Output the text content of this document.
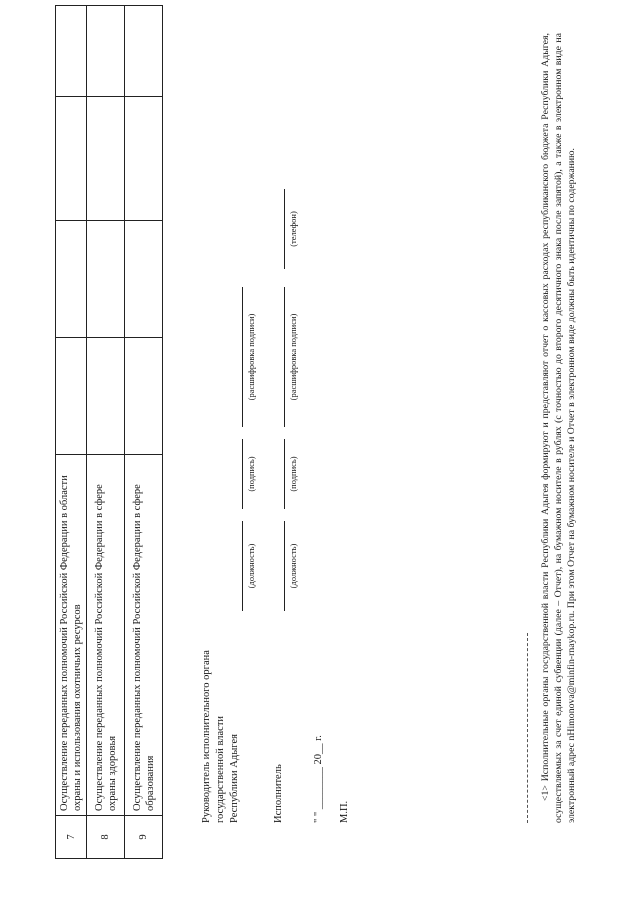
7	Осуществление переданных полномочий Российской Федерации в области охраны и использования охотничьих ресурсов				
8	Осуществление переданных полномочий Российской Федерации в сфере охраны здоровья				
9	Осуществление переданных полномочий Российской Федерации в сфере образования					Руководитель исполнительного органа государственной власти Республики Адыгея
(должность)
(подпись)
(расшифровка подписи)
Исполнитель
(должность)
(подпись)
(расшифровка подписи)
(телефон)
" " ________ 20__ г. М.П.
<1> Исполнительные органы государственной власти Республики Адыгея формируют и представляют отчет о кассовых расходах республиканского бюджета Республики Адыгея, осуществляемых за счет единой субвенции (далее – Отчет), на бумажном носителе в рублях (с точностью до второго десятичного знака после запятой), а также в электронном виде на электронный адрес nHimonova@minfin-rnaykop.ru. При этом Отчет на бумажном носителе и Отчет в электронном виде должны быть идентичны по содержанию.
